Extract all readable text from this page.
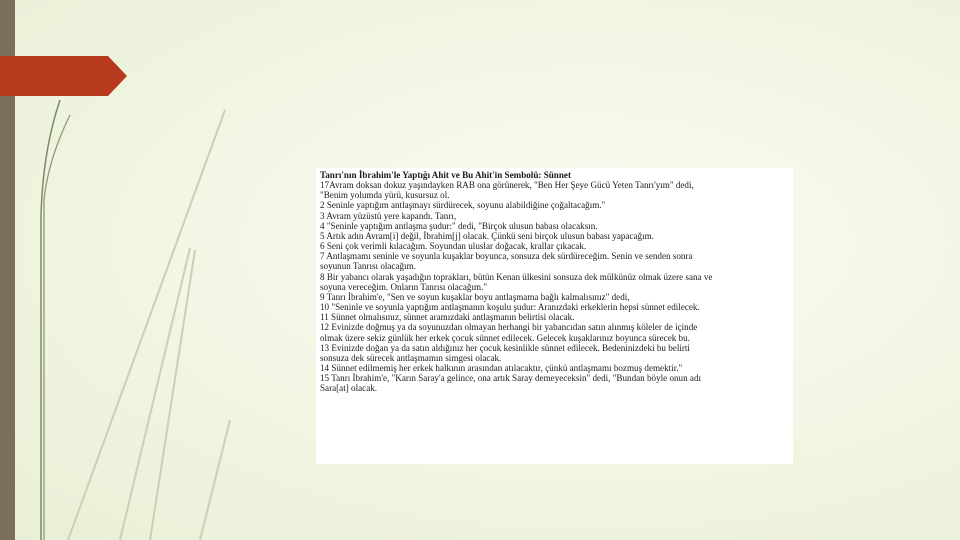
Tanrı'nın İbrahim'le Yaptığı Ahit ve Bu Ahit'in Sembolü: Sünnet
17Avram doksan dokuz yaşındayken RAB ona görünerek, "Ben Her Şeye Gücü Yeten Tanrı'yım" dedi,
"Benim yolumda yürü, kusursuz ol.
2 Seninle yaptığım antlaşmayı sürdürecek, soyunu alabildiğine çoğaltacağım."
3 Avram yüzüstü yere kapandı. Tanrı,
4 "Seninle yaptığım antlaşma şudur:" dedi, "Birçok ulusun babası olacaksın.
5 Artık adın Avram[i] değil, İbrahim[j] olacak. Çünkü seni birçok ulusun babası yapacağım.
6 Seni çok verimli kılacağım. Soyundan uluslar doğacak, krallar çıkacak.
7 Antlaşmamı seninle ve soyunla kuşaklar boyunca, sonsuza dek sürdüreceğim. Senin ve senden sonra
soyunun Tanrısı olacağım.
8 Bir yabancı olarak yaşadığın toprakları, bütün Kenan ülkesini sonsuza dek mülkünüz olmak üzere sana ve
soyuna vereceğim. Onların Tanrısı olacağım."
9 Tanrı İbrahim'e, "Sen ve soyun kuşaklar boyu antlaşmama bağlı kalmalısınız" dedi,
10 "Seninle ve soyunla yaptığım antlaşmanın koşulu şudur: Aranızdaki erkeklerin hepsi sünnet edilecek.
11 Sünnet olmalısınız, sünnet aramızdaki antlaşmanın belirtisi olacak.
12 Evinizde doğmuş ya da soyunuzdan olmayan herhangi bir yabancıdan satın alınmış köleler de içinde
olmak üzere sekiz günlük her erkek çocuk sünnet edilecek. Gelecek kuşaklarınız boyunca sürecek bu.
13 Evinizde doğan ya da satın aldığınız her çocuk kesinlikle sünnet edilecek. Bedeninizdeki bu belirti
sonsuza dek sürecek antlaşmamın simgesi olacak.
14 Sünnet edilmemiş her erkek halkının arasından atılacaktır, çünkü antlaşmamı bozmuş demektir."
15 Tanrı İbrahim'e, "Karın Saray'a gelince, ona artık Saray demeyeceksin" dedi, "Bundan böyle onun adı
Sara[at] olacak.
